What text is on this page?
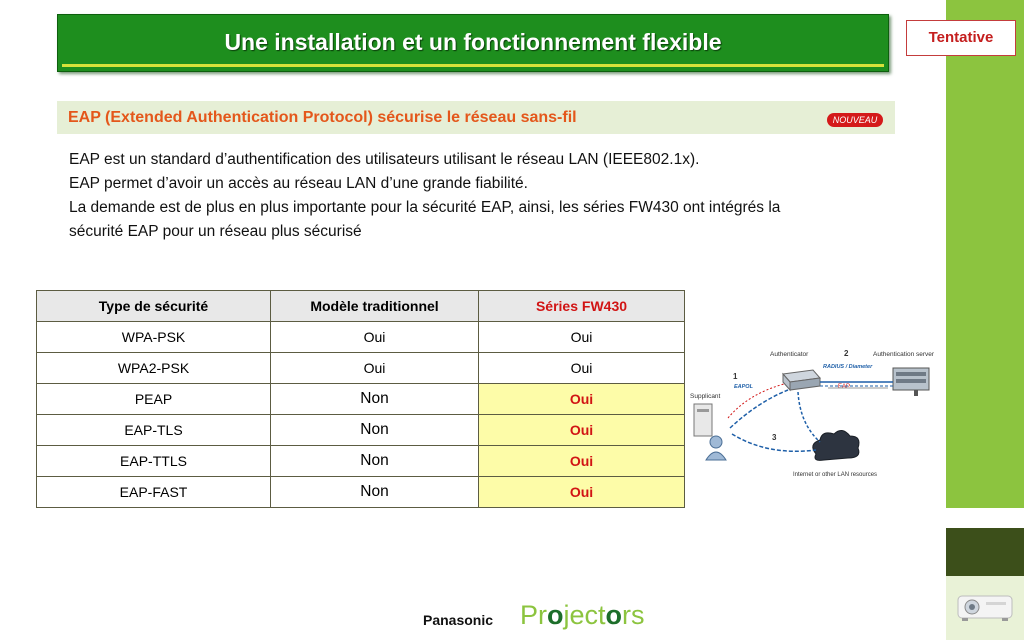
Une installation et un fonctionnement flexible	Tentative
EAP (Extended Authentication Protocol) sécurise le réseau sans-fil	NOUVEAU

EAP est un standard d’authentification des utilisateurs utilisant le réseau LAN (IEEE802.1x).

EAP permet d’avoir un accès au réseau LAN d’une grande fiabilité.

La demande est de plus en plus importante pour la sécurité EAP, ainsi, les séries FW430 ont intégrés la sécurité EAP pour un réseau plus sécurisé

Type de sécurité	Modèle traditionnel	Séries FW430
WPA-PSK	Oui	Oui
WPA2-PSK	Oui	Oui
PEAP	Non	Oui
EAP-TLS	Non	Oui
EAP-TTLS	Non	Oui
EAP-FAST	Non	Oui
Authenticator	Authentication server
Supplicant
2
1
3
EAPOL
RADIUS / Diameter
EAP
Internet or other LAN resources
Panasonic Projectors
